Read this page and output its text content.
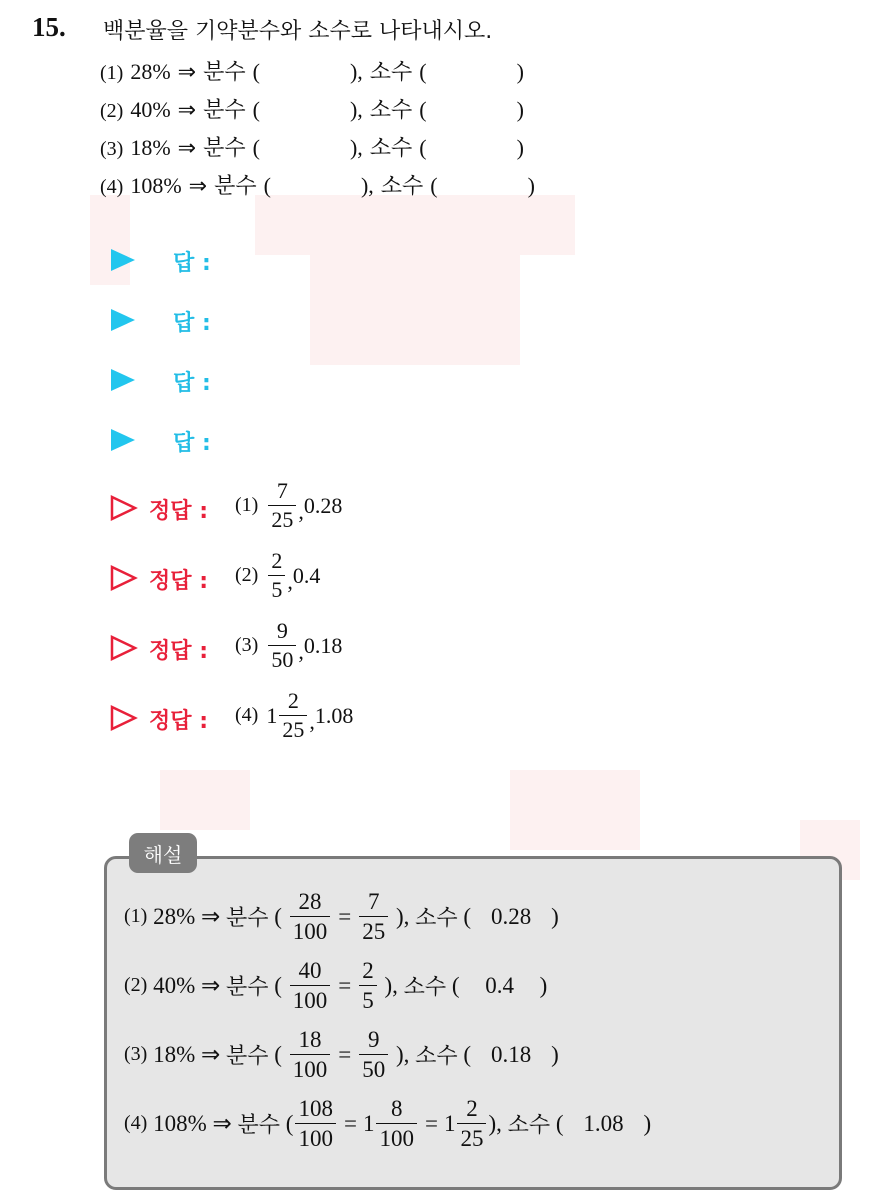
15. 백분율을 기약분수와 소수로 나타내시오.
(1) 28% ⇒ 분수 (	), 소수 (	)
(2) 40% ⇒ 분수 (	), 소수 (	)
(3) 18% ⇒ 분수 (	), 소수 (	)
(4) 108% ⇒ 분수 (	), 소수 (	)
답 :
답 :
답 :
답 :
정답 : $(1) \frac{7}{25}$ , 0.28
정답 : $(2) \frac{2}{5}$ , 0.4
정답 : $(3) \frac{9}{50}$ , 0.18
정답 : (4) $1 \frac{2}{25}$ , 1.08
해설
(1)
28%
⇒
분수
(
$\frac{28}{100} = \frac{7}{25}$
) ,
소수
( 0.28 )
(2)
40%
⇒
분수
(
$\frac{40}{100} = \frac{2}{5}$
) ,
소수
(	0.4	)
(3)
18%
⇒
분수
(
$\frac{18}{100} = \frac{9}{50}$
) ,
소수
( 0.18 )
(4)
108%
⇒
분수
( $\frac{108}{100} = 1 \frac{8}{100} = 1 \frac{2}{25}$ ) ,
소수
( 1.08 )
